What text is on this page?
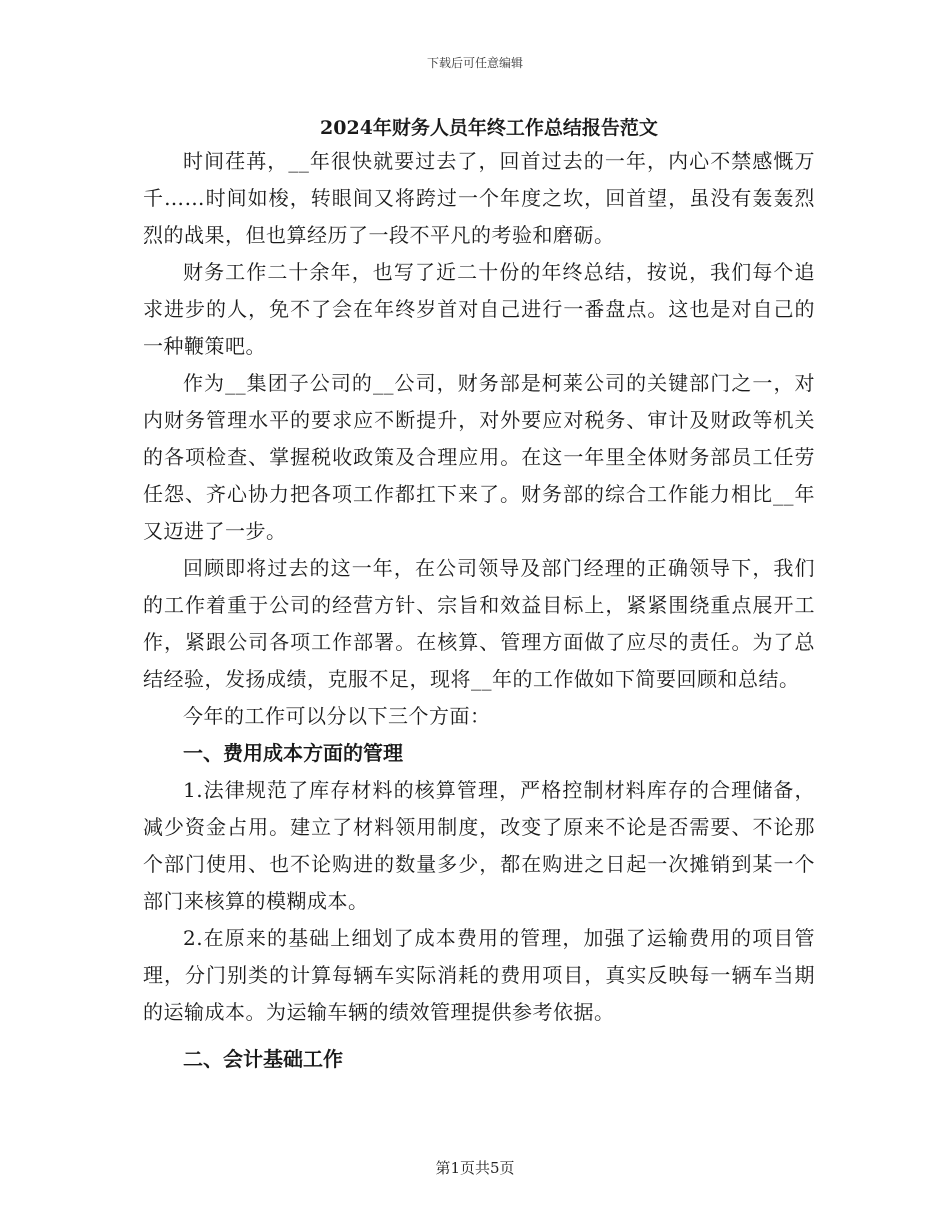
下载后可任意编辑
2024年财务人员年终工作总结报告范文

时间荏苒，__年很快就要过去了，回首过去的一年，内心不禁感慨万千……时间如梭，转眼间又将跨过一个年度之坎，回首望，虽没有轰轰烈烈的战果，但也算经历了一段不平凡的考验和磨砺。

财务工作二十余年，也写了近二十份的年终总结，按说，我们每个追求进步的人，免不了会在年终岁首对自己进行一番盘点。这也是对自己的一种鞭策吧。

作为__集团子公司的__公司，财务部是柯莱公司的关键部门之一，对内财务管理水平的要求应不断提升，对外要应对税务、审计及财政等机关的各项检查、掌握税收政策及合理应用。在这一年里全体财务部员工任劳任怨、齐心协力把各项工作都扛下来了。财务部的综合工作能力相比__年又迈进了一步。

回顾即将过去的这一年，在公司领导及部门经理的正确领导下，我们的工作着重于公司的经营方针、宗旨和效益目标上，紧紧围绕重点展开工作，紧跟公司各项工作部署。在核算、管理方面做了应尽的责任。为了总结经验，发扬成绩，克服不足，现将__年的工作做如下简要回顾和总结。

今年的工作可以分以下三个方面：

一、费用成本方面的管理

1.法律规范了库存材料的核算管理，严格控制材料库存的合理储备，减少资金占用。建立了材料领用制度，改变了原来不论是否需要、不论那个部门使用、也不论购进的数量多少，都在购进之日起一次摊销到某一个部门来核算的模糊成本。

2.在原来的基础上细划了成本费用的管理，加强了运输费用的项目管理，分门别类的计算每辆车实际消耗的费用项目，真实反映每一辆车当期的运输成本。为运输车辆的绩效管理提供参考依据。

二、会计基础工作

第1页共5页
